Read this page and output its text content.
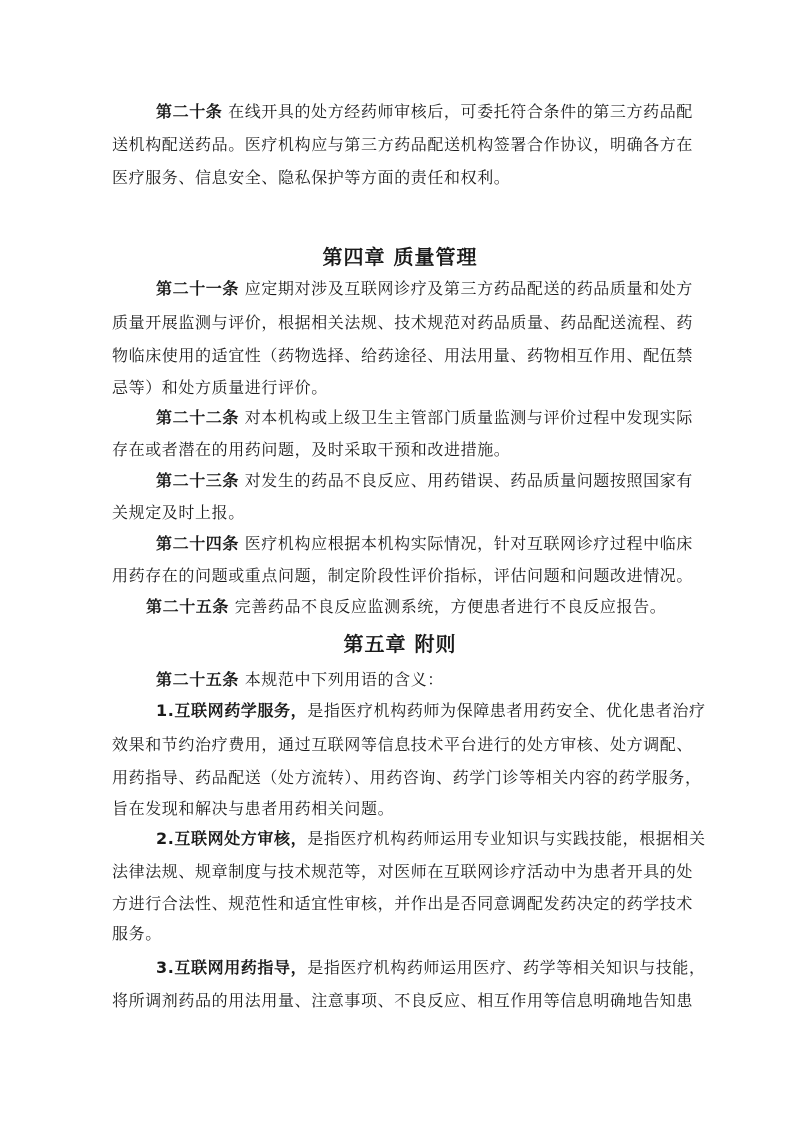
第二十条 在线开具的处方经药师审核后，可委托符合条件的第三方药品配
送机构配送药品。医疗机构应与第三方药品配送机构签署合作协议，明确各方在
医疗服务、信息安全、隐私保护等方面的责任和权利。
第四章 质量管理
第二十一条 应定期对涉及互联网诊疗及第三方药品配送的药品质量和处方
质量开展监测与评价，根据相关法规、技术规范对药品质量、药品配送流程、药
物临床使用的适宜性（药物选择、给药途径、用法用量、药物相互作用、配伍禁
忌等）和处方质量进行评价。
第二十二条 对本机构或上级卫生主管部门质量监测与评价过程中发现实际
存在或者潜在的用药问题，及时采取干预和改进措施。
第二十三条 对发生的药品不良反应、用药错误、药品质量问题按照国家有
关规定及时上报。
第二十四条 医疗机构应根据本机构实际情况，针对互联网诊疗过程中临床
用药存在的问题或重点问题，制定阶段性评价指标，评估问题和问题改进情况。
第二十五条 完善药品不良反应监测系统，方便患者进行不良反应报告。
第五章 附则
第二十五条 本规范中下列用语的含义：
1.互联网药学服务，是指医疗机构药师为保障患者用药安全、优化患者治疗
效果和节约治疗费用，通过互联网等信息技术平台进行的处方审核、处方调配、
用药指导、药品配送（处方流转）、用药咨询、药学门诊等相关内容的药学服务，
旨在发现和解决与患者用药相关问题。
2.互联网处方审核，是指医疗机构药师运用专业知识与实践技能，根据相关
法律法规、规章制度与技术规范等，对医师在互联网诊疗活动中为患者开具的处
方进行合法性、规范性和适宜性审核，并作出是否同意调配发药决定的药学技术
服务。
3.互联网用药指导，是指医疗机构药师运用医疗、药学等相关知识与技能，
将所调剂药品的用法用量、注意事项、不良反应、相互作用等信息明确地告知患
